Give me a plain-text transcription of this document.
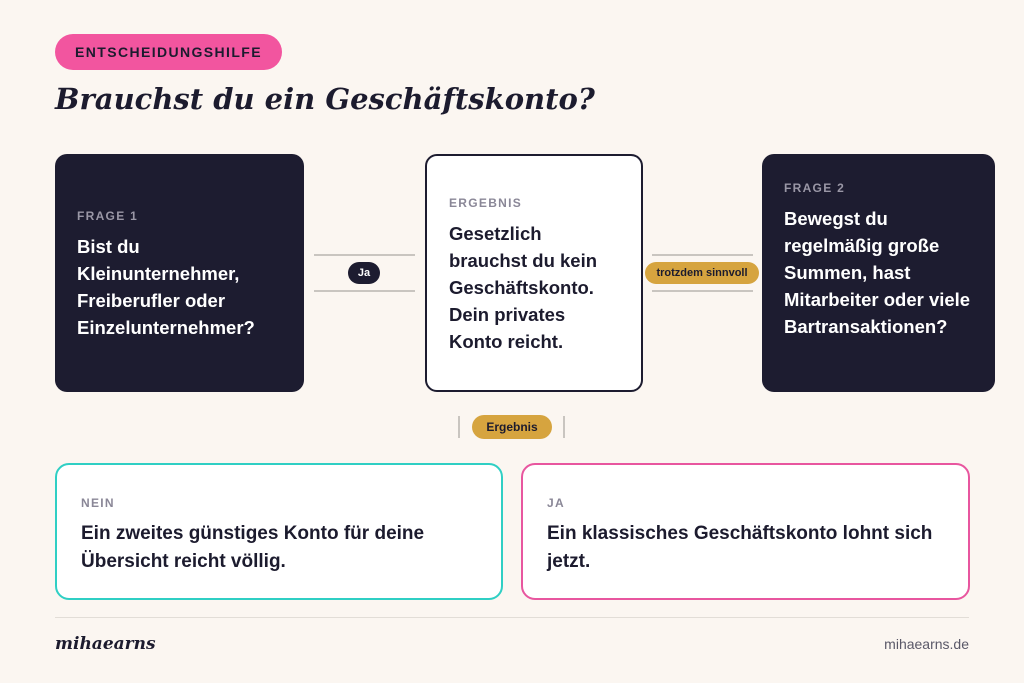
ENTSCHEIDUNGSHILFE
Brauchst du ein Geschäftskonto?
FRAGE 1
Bist du Kleinunternehmer, Freiberufler oder Einzelunternehmer?
Ja
ERGEBNIS
Gesetzlich brauchst du kein Geschäftskonto. Dein privates Konto reicht.
trotzdem sinnvoll
FRAGE 2
Bewegst du regelmäßig große Summen, hast Mitarbeiter oder viele Bartransaktionen?
Ergebnis
NEIN
Ein zweites günstiges Konto für deine Übersicht reicht völlig.
JA
Ein klassisches Geschäftskonto lohnt sich jetzt.
mihaearns	mihaearns.de
